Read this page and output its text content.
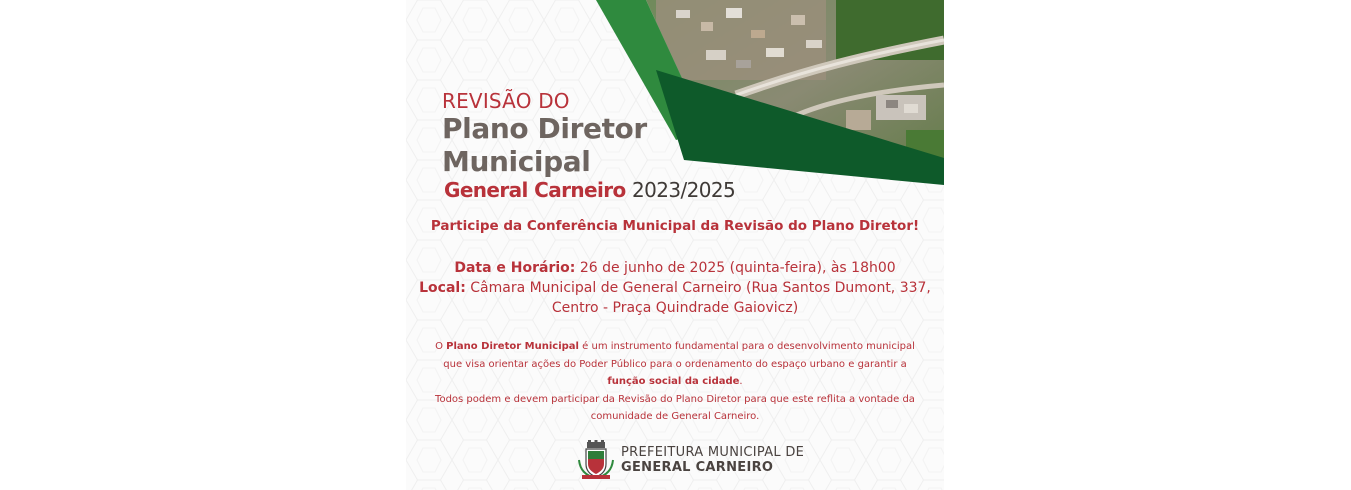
REVISÃO DO
Plano Diretor
Municipal
General Carneiro 2023/2025
Participe da Conferência Municipal da Revisão do Plano Diretor!
Data e Horário: 26 de junho de 2025 (quinta-feira), às 18h00
Local: Câmara Municipal de General Carneiro (Rua Santos Dumont, 337,
Centro - Praça Quindrade Gaiovicz)
O Plano Diretor Municipal é um instrumento fundamental para o desenvolvimento municipal
que visa orientar ações do Poder Público para o ordenamento do espaço urbano e garantir a
função social da cidade.
Todos podem e devem participar da Revisão do Plano Diretor para que este reflita a vontade da
comunidade de General Carneiro.
PREFEITURA MUNICIPAL DE
GENERAL CARNEIRO
